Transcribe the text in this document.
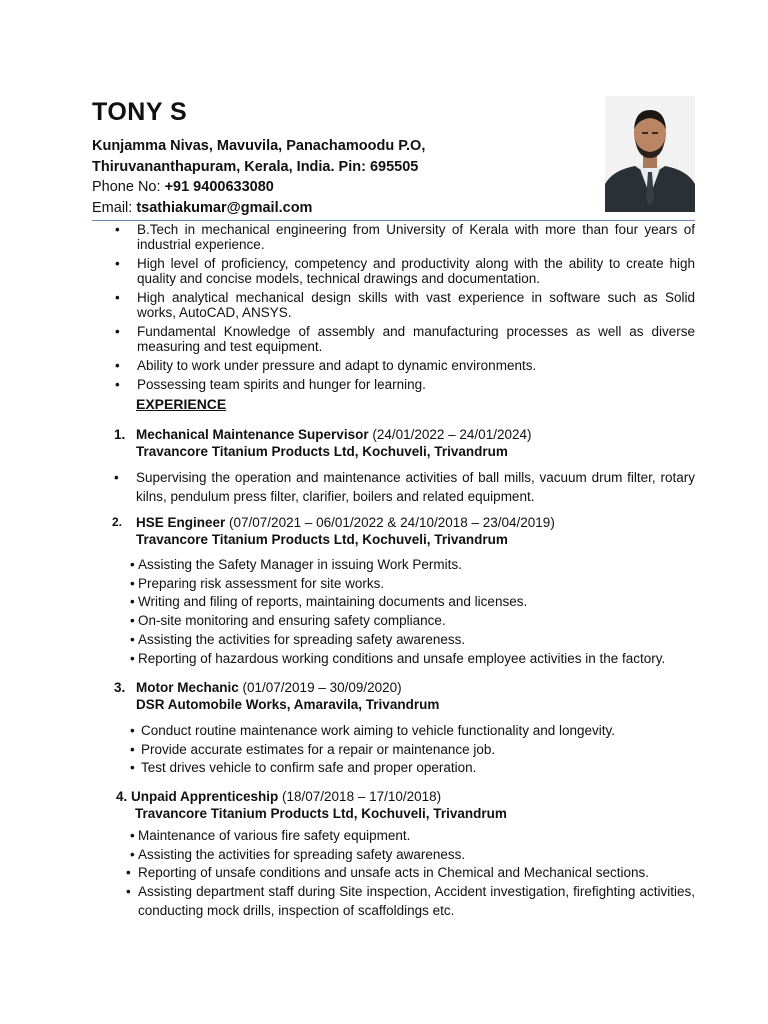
TONY S
Kunjamma Nivas, Mavuvila, Panachamoodu P.O,
Thiruvananthapuram, Kerala, India. Pin: 695505
Phone No: +91 9400633080
Email: tsathiakumar@gmail.com
• B.Tech in mechanical engineering from University of Kerala with more than four years of industrial experience.
• High level of proficiency, competency and productivity along with the ability to create high quality and concise models, technical drawings and documentation.
• High analytical mechanical design skills with vast experience in software such as Solid works, AutoCAD, ANSYS.
• Fundamental Knowledge of assembly and manufacturing processes as well as diverse measuring and test equipment.
• Ability to work under pressure and adapt to dynamic environments.
• Possessing team spirits and hunger for learning.
EXPERIENCE
1. Mechanical Maintenance Supervisor (24/01/2022 – 24/01/2024)
Travancore Titanium Products Ltd, Kochuveli, Trivandrum
• Supervising the operation and maintenance activities of ball mills, vacuum drum filter, rotary kilns, pendulum press filter, clarifier, boilers and related equipment.
2.	HSE Engineer (07/07/2021 – 06/01/2022 & 24/10/2018 – 23/04/2019)
Travancore Titanium Products Ltd, Kochuveli, Trivandrum
• Assisting the Safety Manager in issuing Work Permits.
• Preparing risk assessment for site works.
• Writing and filing of reports, maintaining documents and licenses.
• On-site monitoring and ensuring safety compliance.
• Assisting the activities for spreading safety awareness.
• Reporting of hazardous working conditions and unsafe employee activities in the factory.
3. Motor Mechanic (01/07/2019 – 30/09/2020)
DSR Automobile Works, Amaravila, Trivandrum
• Conduct routine maintenance work aiming to vehicle functionality and longevity.
• Provide accurate estimates for a repair or maintenance job.
• Test drives vehicle to confirm safe and proper operation.
4. Unpaid Apprenticeship (18/07/2018 – 17/10/2018)
Travancore Titanium Products Ltd, Kochuveli, Trivandrum
• Maintenance of various fire safety equipment.
• Assisting the activities for spreading safety awareness.
• Reporting of unsafe conditions and unsafe acts in Chemical and Mechanical sections.
• Assisting department staff during Site inspection, Accident investigation, firefighting activities, conducting mock drills, inspection of scaffoldings etc.
